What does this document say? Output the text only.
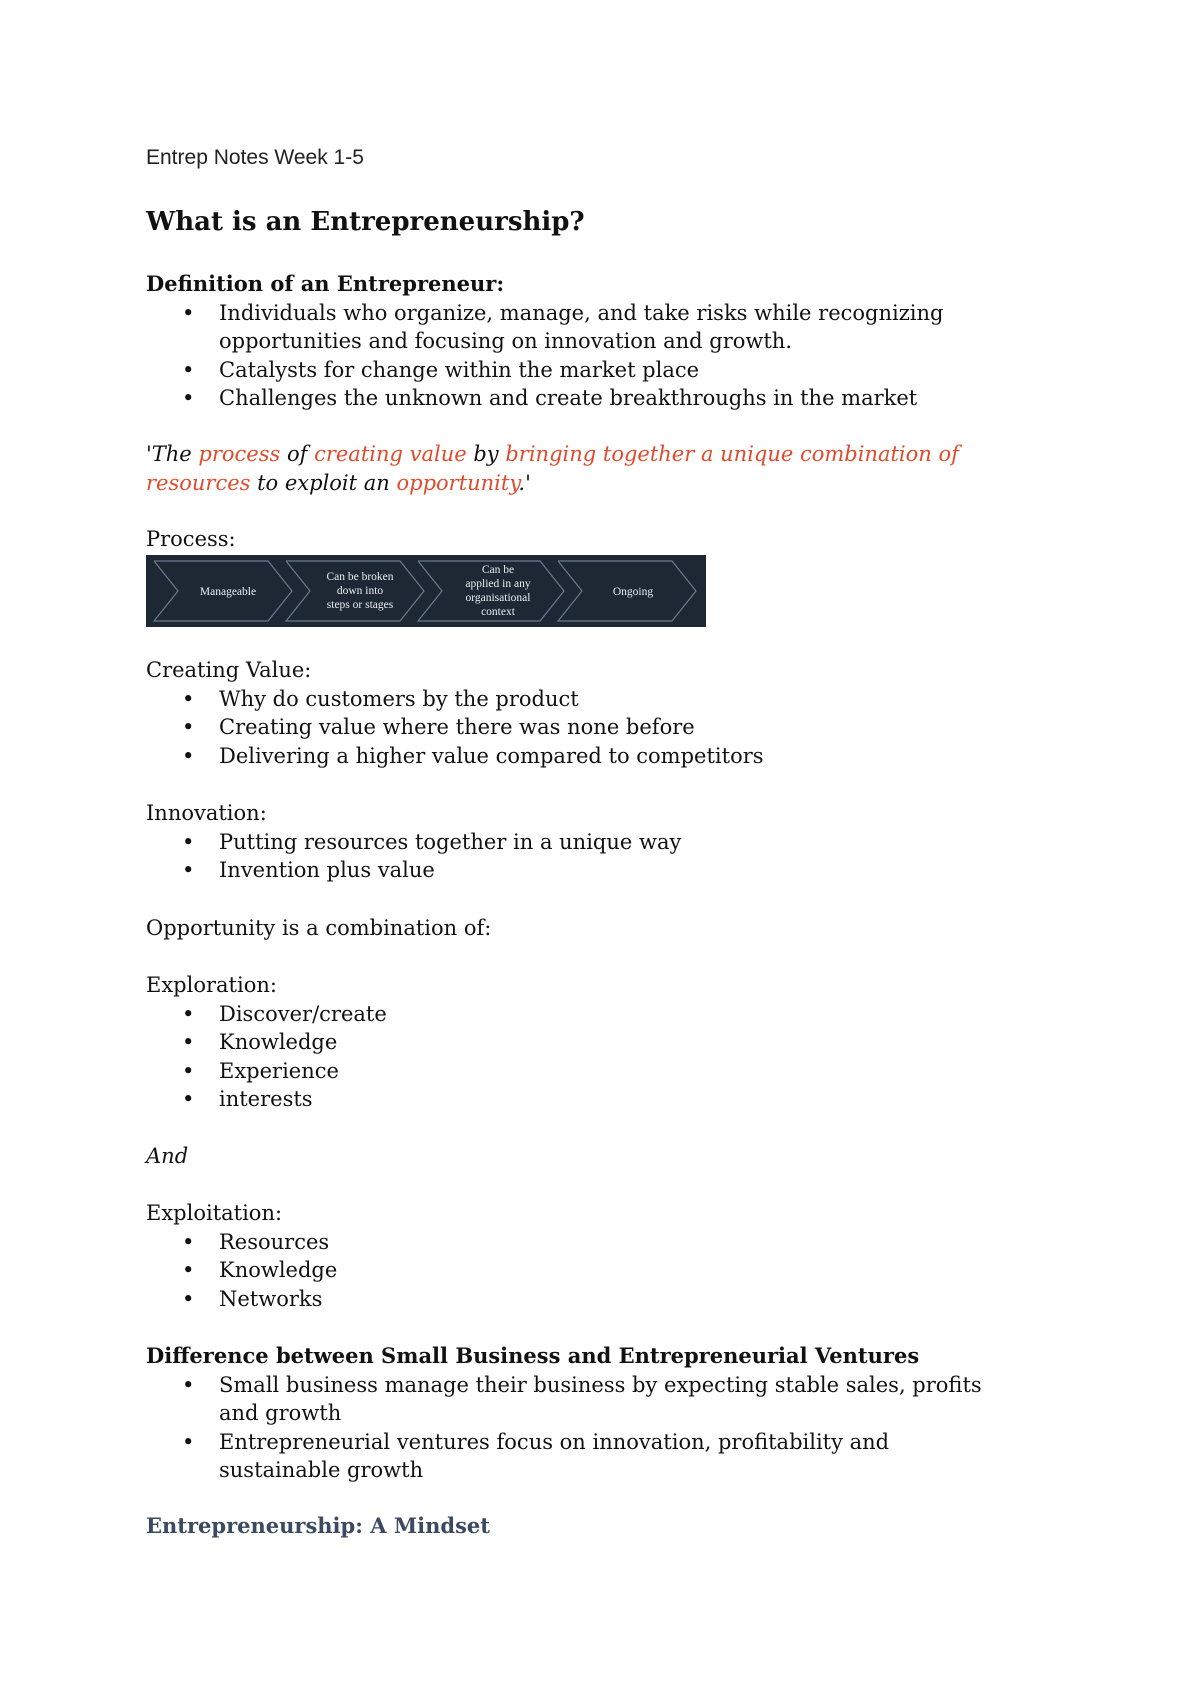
Entrep Notes Week 1-5
What is an Entrepreneurship?
Definition of an Entrepreneur:
• Individuals who organize, manage, and take risks while recognizing
opportunities and focusing on innovation and growth.
• Catalysts for change within the market place
• Challenges the unknown and create breakthroughs in the market
'The process of creating value by bringing together a unique combination of resources to exploit an opportunity.'
Process:
Manageable
Can be broken
down into
steps or stages
Can be
applied in any
organisational
context
Ongoing
Creating Value:
• Why do customers by the product
• Creating value where there was none before
• Delivering a higher value compared to competitors
Innovation:
• Putting resources together in a unique way
• Invention plus value
Opportunity is a combination of:
Exploration:
• Discover/create
• Knowledge
• Experience
• interests
And
Exploitation:
• Resources
• Knowledge
• Networks
Difference between Small Business and Entrepreneurial Ventures
• Small business manage their business by expecting stable sales, profits and growth
• Entrepreneurial ventures focus on innovation, profitability and sustainable growth
Entrepreneurship: A Mindset
